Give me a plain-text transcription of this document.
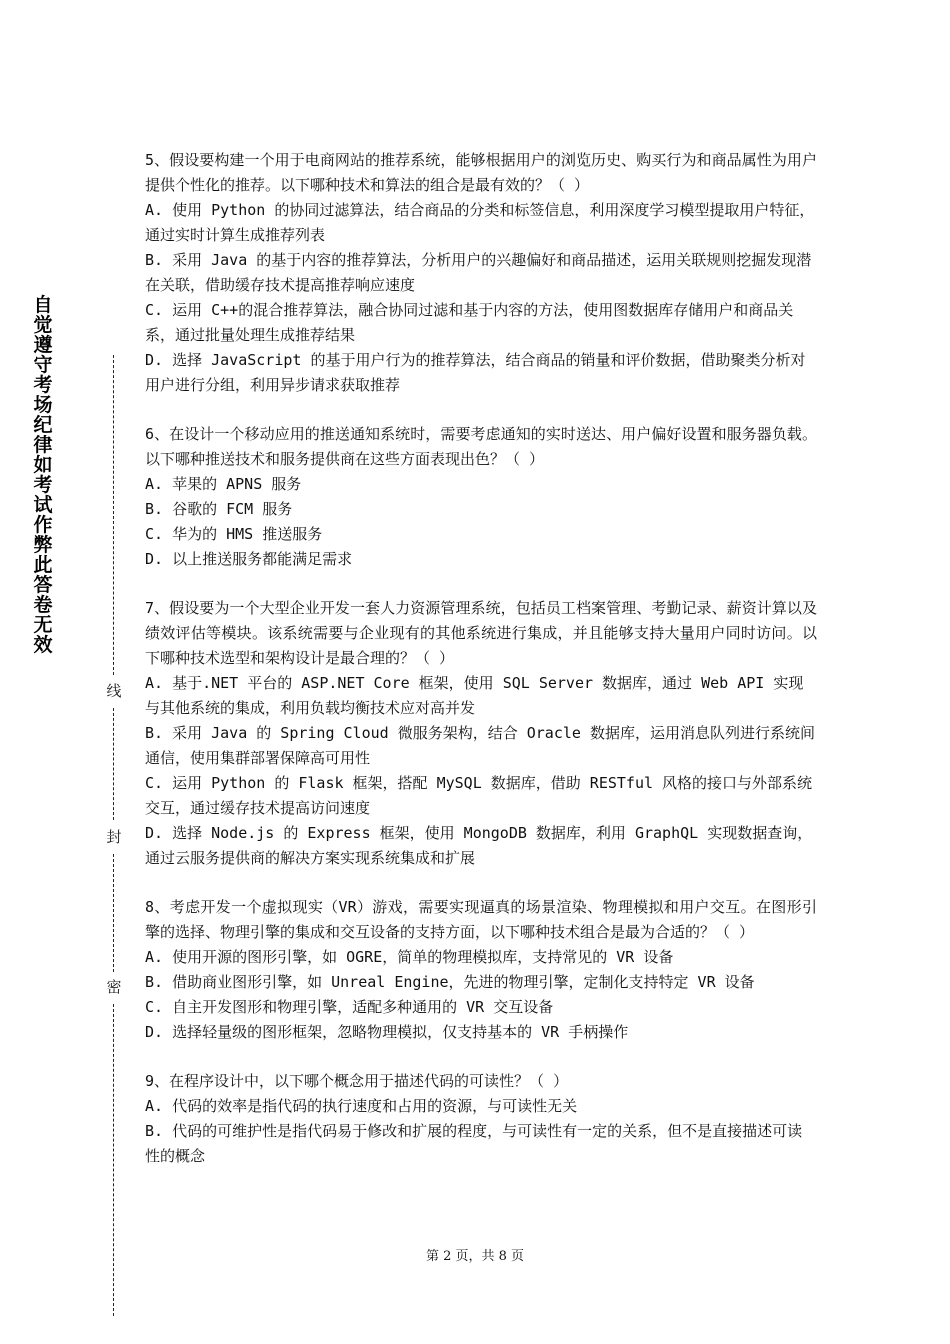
自觉遵守考场纪律如考试作弊此答卷无效
线
封
密

5、假设要构建一个用于电商网站的推荐系统，能够根据用户的浏览历史、购买行为和商品属性为用户提供个性化的推荐。以下哪种技术和算法的组合是最有效的？（ ）

A. 使用 Python 的协同过滤算法，结合商品的分类和标签信息，利用深度学习模型提取用户特征，通过实时计算生成推荐列表

B. 采用 Java 的基于内容的推荐算法，分析用户的兴趣偏好和商品描述，运用关联规则挖掘发现潜在关联，借助缓存技术提高推荐响应速度

C. 运用 C++的混合推荐算法，融合协同过滤和基于内容的方法，使用图数据库存储用户和商品关系，通过批量处理生成推荐结果

D. 选择 JavaScript 的基于用户行为的推荐算法，结合商品的销量和评价数据，借助聚类分析对用户进行分组，利用异步请求获取推荐

6、在设计一个移动应用的推送通知系统时，需要考虑通知的实时送达、用户偏好设置和服务器负载。以下哪种推送技术和服务提供商在这些方面表现出色？（ ）

A. 苹果的 APNS 服务

B. 谷歌的 FCM 服务

C. 华为的 HMS 推送服务

D. 以上推送服务都能满足需求

7、假设要为一个大型企业开发一套人力资源管理系统，包括员工档案管理、考勤记录、薪资计算以及绩效评估等模块。该系统需要与企业现有的其他系统进行集成，并且能够支持大量用户同时访问。以下哪种技术选型和架构设计是最合理的？（ ）

A. 基于.NET 平台的 ASP.NET Core 框架，使用 SQL Server 数据库，通过 Web API 实现与其他系统的集成，利用负载均衡技术应对高并发

B. 采用 Java 的 Spring Cloud 微服务架构，结合 Oracle 数据库，运用消息队列进行系统间通信，使用集群部署保障高可用性

C. 运用 Python 的 Flask 框架，搭配 MySQL 数据库，借助 RESTful 风格的接口与外部系统交互，通过缓存技术提高访问速度

D. 选择 Node.js 的 Express 框架，使用 MongoDB 数据库，利用 GraphQL 实现数据查询，通过云服务提供商的解决方案实现系统集成和扩展

8、考虑开发一个虚拟现实（VR）游戏，需要实现逼真的场景渲染、物理模拟和用户交互。在图形引擎的选择、物理引擎的集成和交互设备的支持方面，以下哪种技术组合是最为合适的？（ ）

A. 使用开源的图形引擎，如 OGRE，简单的物理模拟库，支持常见的 VR 设备

B. 借助商业图形引擎，如 Unreal Engine，先进的物理引擎，定制化支持特定 VR 设备

C. 自主开发图形和物理引擎，适配多种通用的 VR 交互设备

D. 选择轻量级的图形框架，忽略物理模拟，仅支持基本的 VR 手柄操作

9、在程序设计中，以下哪个概念用于描述代码的可读性？（ ）

A. 代码的效率是指代码的执行速度和占用的资源，与可读性无关

B. 代码的可维护性是指代码易于修改和扩展的程度，与可读性有一定的关系，但不是直接描述可读性的概念

第 2 页，共 8 页
